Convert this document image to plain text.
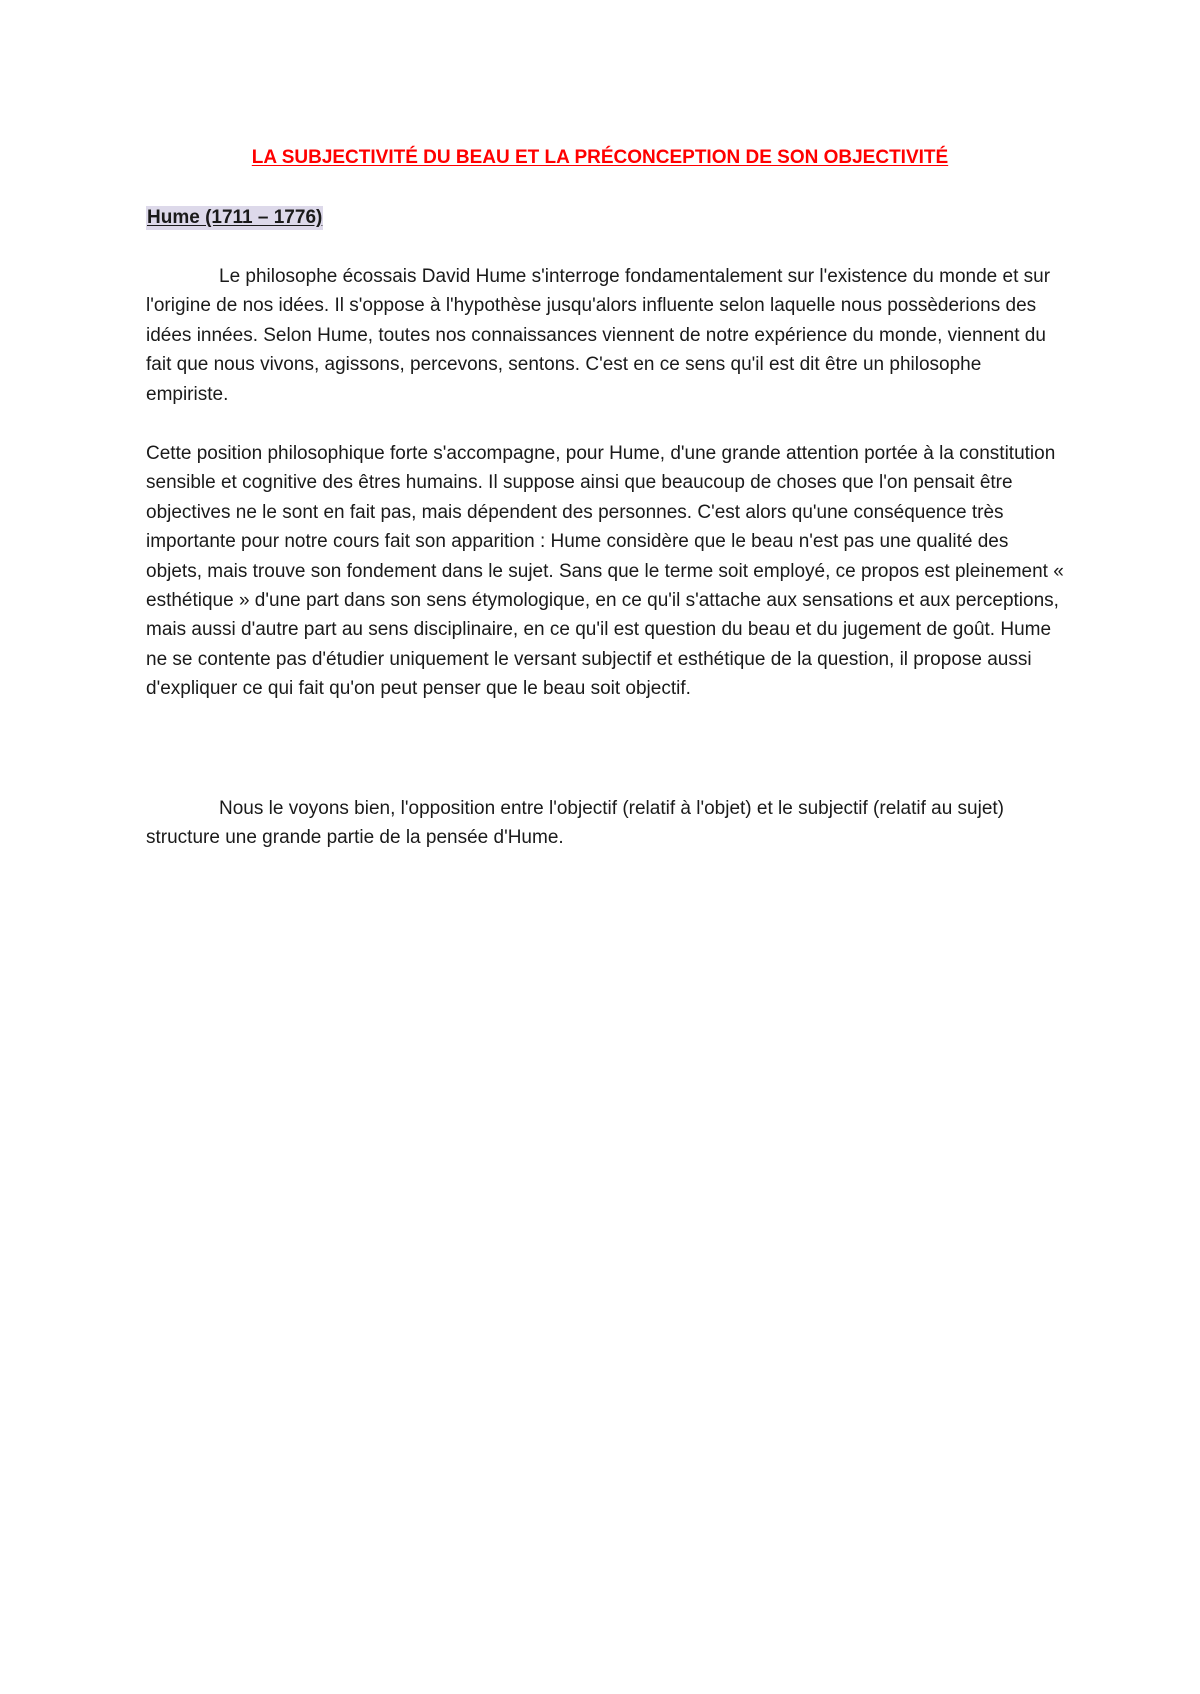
LA SUBJECTIVITÉ DU BEAU ET LA PRÉCONCEPTION DE SON OBJECTIVITÉ
Hume (1711 – 1776)

Le philosophe écossais David Hume s'interroge fondamentalement sur l'existence du monde et sur l'origine de nos idées. Il s'oppose à l'hypothèse jusqu'alors influente selon laquelle nous possèderions des idées innées. Selon Hume, toutes nos connaissances viennent de notre expérience du monde, viennent du fait que nous vivons, agissons, percevons, sentons. C'est en ce sens qu'il est dit être un philosophe empiriste.

Cette position philosophique forte s'accompagne, pour Hume, d'une grande attention portée à la constitution sensible et cognitive des êtres humains. Il suppose ainsi que beaucoup de choses que l'on pensait être objectives ne le sont en fait pas, mais dépendent des personnes. C'est alors qu'une conséquence très importante pour notre cours fait son apparition : Hume considère que le beau n'est pas une qualité des objets, mais trouve son fondement dans le sujet. Sans que le terme soit employé, ce propos est pleinement « esthétique » d'une part dans son sens étymologique, en ce qu'il s'attache aux sensations et aux perceptions, mais aussi d'autre part au sens disciplinaire, en ce qu'il est question du beau et du jugement de goût. Hume ne se contente pas d'étudier uniquement le versant subjectif et esthétique de la question, il propose aussi d'expliquer ce qui fait qu'on peut penser que le beau soit objectif.

Nous le voyons bien, l'opposition entre l'objectif (relatif à l'objet) et le subjectif (relatif au sujet) structure une grande partie de la pensée d'Hume.
